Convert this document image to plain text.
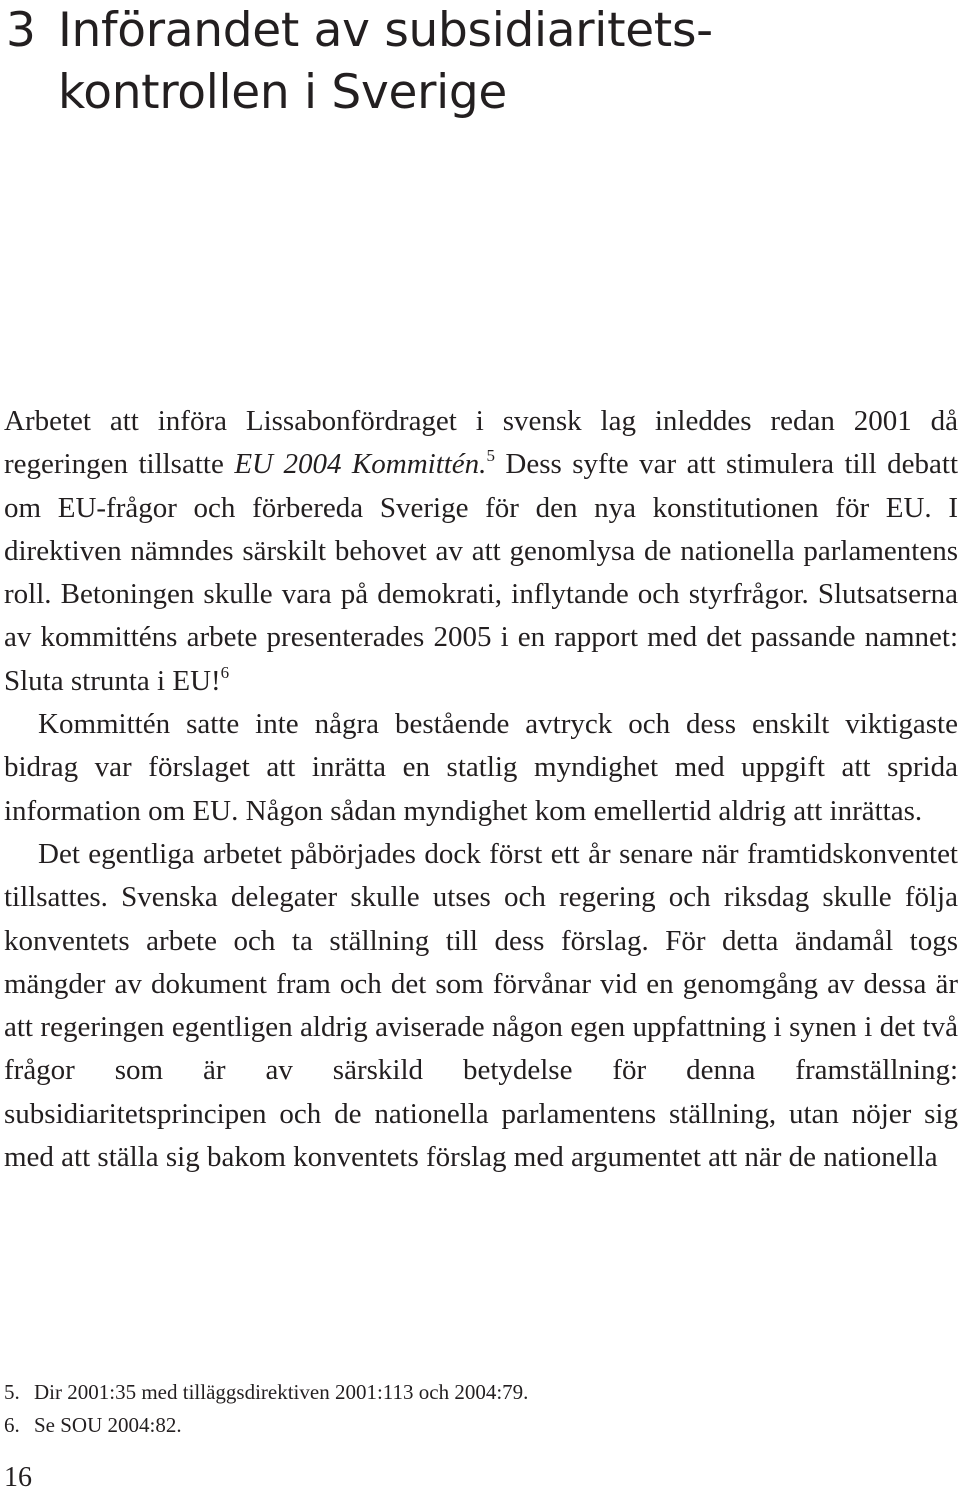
3 Införandet av subsidiaritets-kontrollen i Sverige

Arbetet att införa Lissabonfördraget i svensk lag inleddes redan 2001 då regeringen tillsatte EU 2004 Kommittén.$^5$ Dess syfte var att stimulera till debatt om EU-frågor och förbereda Sverige för den nya konstitutionen för EU. I direktiven nämndes särskilt behovet av att genomlysa de nationella parlamentens roll. Betoningen skulle vara på demokrati, inflytande och styrfrågor. Slutsatserna av kommitténs arbete presenterades 2005 i en rapport med det passande namnet: Sluta strunta i EU!$^6$

Kommittén satte inte några bestående avtryck och dess enskilt viktigaste bidrag var förslaget att inrätta en statlig myndighet med uppgift att sprida information om EU. Någon sådan myndighet kom emellertid aldrig att inrättas.

Det egentliga arbetet påbörjades dock först ett år senare när framtidskonventet tillsattes. Svenska delegater skulle utses och regering och riksdag skulle följa konventets arbete och ta ställning till dess förslag. För detta ändamål togs mängder av dokument fram och det som förvånar vid en genomgång av dessa är att regeringen egentligen aldrig aviserade någon egen uppfattning i synen i det två frågor som är av särskild betydelse för denna framställning: subsidiaritetsprincipen och de nationella parlamentens ställning, utan nöjer sig med att ställa sig bakom konventets förslag med argumentet att när de nationella

5. Dir 2001:35 med tilläggsdirektiven 2001:113 och 2004:79.
6. Se SOU 2004:82.
16
